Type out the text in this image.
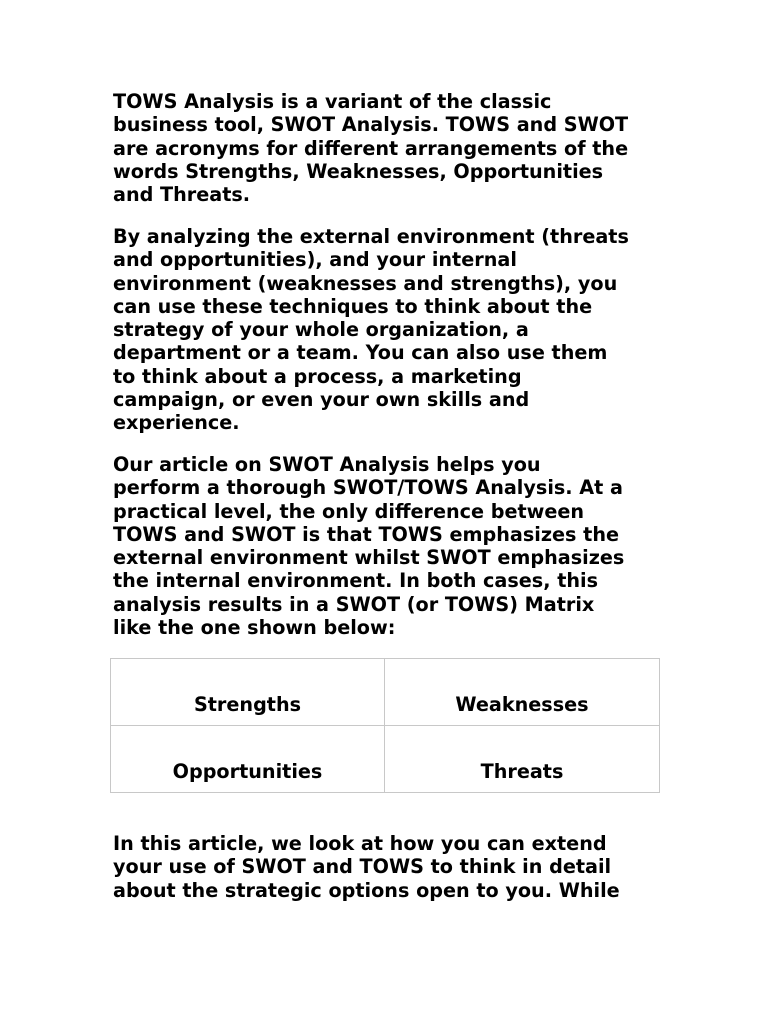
TOWS Analysis is a variant of the classic
business tool, SWOT Analysis. TOWS and SWOT
are acronyms for different arrangements of the
words Strengths, Weaknesses, Opportunities
and Threats.

By analyzing the external environment (threats
and opportunities), and your internal
environment (weaknesses and strengths), you
can use these techniques to think about the
strategy of your whole organization, a
department or a team. You can also use them
to think about a process, a marketing
campaign, or even your own skills and
experience.

Our article on SWOT Analysis helps you
perform a thorough SWOT/TOWS Analysis. At a
practical level, the only difference between
TOWS and SWOT is that TOWS emphasizes the
external environment whilst SWOT emphasizes
the internal environment. In both cases, this
analysis results in a SWOT (or TOWS) Matrix
like the one shown below:

Strengths	Weaknesses

Opportunities	Threats

In this article, we look at how you can extend
your use of SWOT and TOWS to think in detail
about the strategic options open to you. While
